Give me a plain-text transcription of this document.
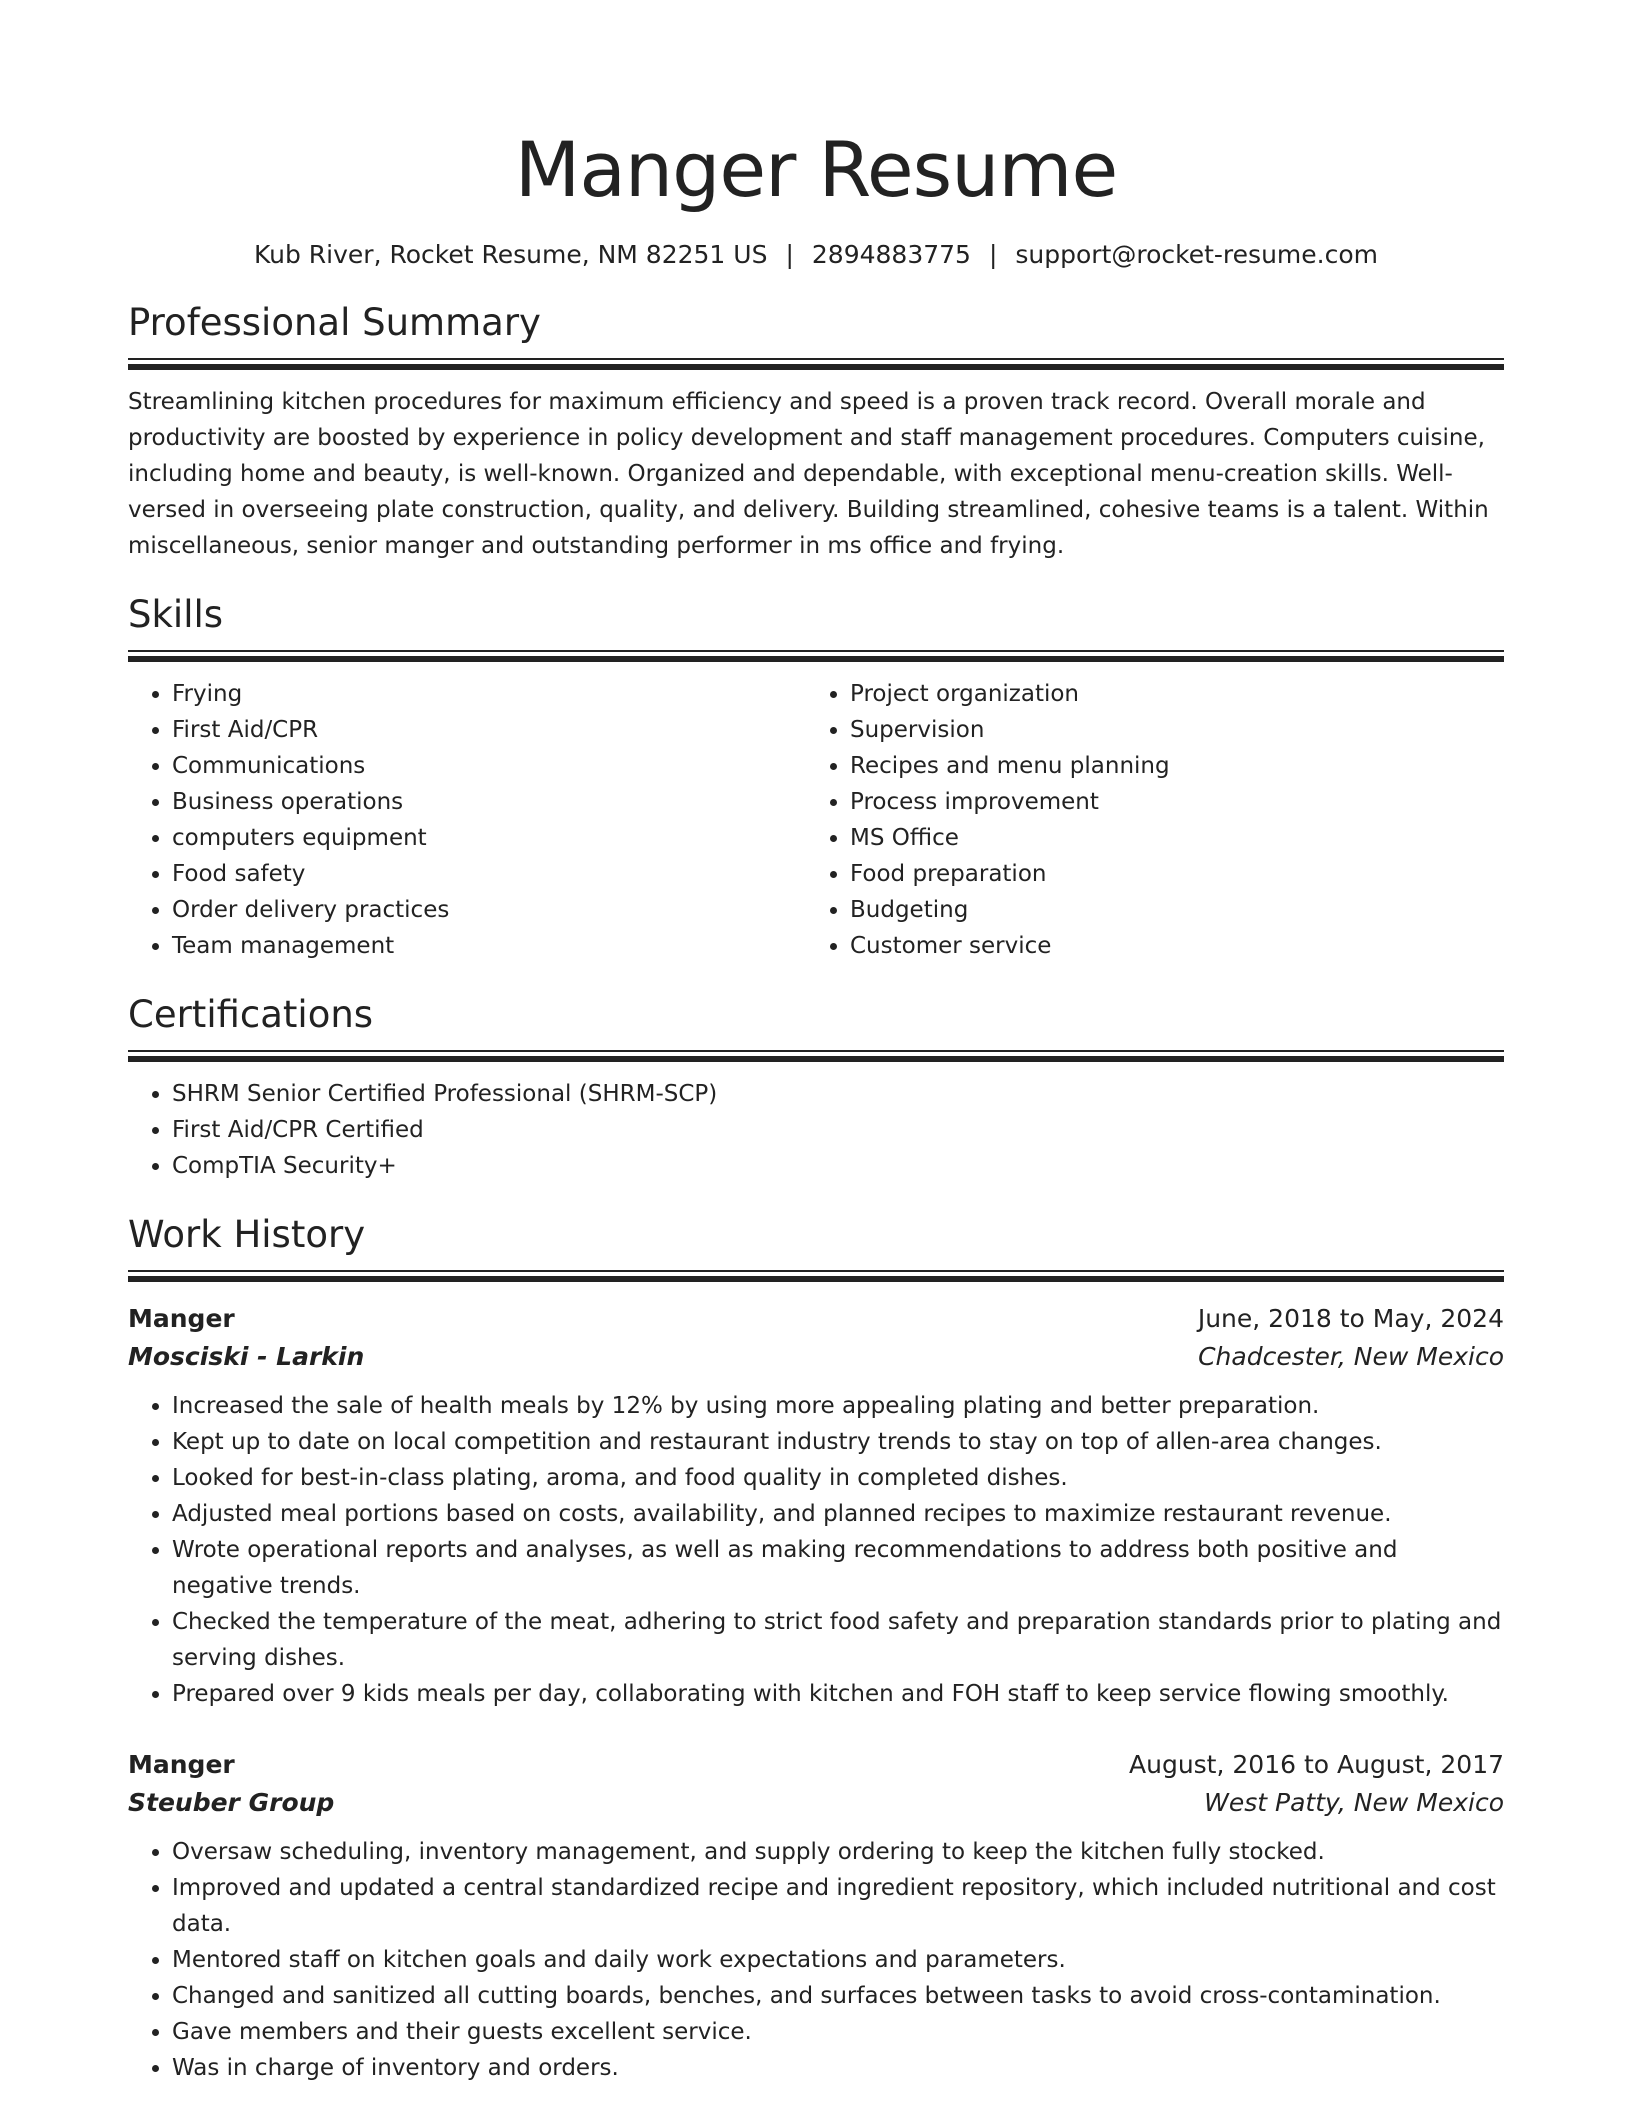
Manger Resume
Kub River, Rocket Resume, NM 82251 US | 2894883775 | support@rocket-resume.com
Professional Summary

Streamlining kitchen procedures for maximum efficiency and speed is a proven track record. Overall morale and productivity are boosted by experience in policy development and staff management procedures. Computers cuisine, including home and beauty, is well-known. Organized and dependable, with exceptional menu-creation skills. Well-versed in overseeing plate construction, quality, and delivery. Building streamlined, cohesive teams is a talent. Within miscellaneous, senior manger and outstanding performer in ms office and frying.

Skills
• Frying
• First Aid/CPR
• Communications
• Business operations
• computers equipment
• Food safety
• Order delivery practices
• Team management
• Project organization
• Supervision
• Recipes and menu planning
• Process improvement
• MS Office
• Food preparation
• Budgeting
• Customer service
Certifications
• SHRM Senior Certified Professional (SHRM-SCP)
• First Aid/CPR Certified
• CompTIA Security+
Work History
Manger	June, 2018 to May, 2024
Mosciski - Larkin	Chadcester, New Mexico
• Increased the sale of health meals by 12% by using more appealing plating and better preparation.
• Kept up to date on local competition and restaurant industry trends to stay on top of allen-area changes.
• Looked for best-in-class plating, aroma, and food quality in completed dishes.
• Adjusted meal portions based on costs, availability, and planned recipes to maximize restaurant revenue.
• Wrote operational reports and analyses, as well as making recommendations to address both positive and negative trends.
• Checked the temperature of the meat, adhering to strict food safety and preparation standards prior to plating and serving dishes.
• Prepared over 9 kids meals per day, collaborating with kitchen and FOH staff to keep service flowing smoothly.
Manger	August, 2016 to August, 2017
Steuber Group	West Patty, New Mexico
• Oversaw scheduling, inventory management, and supply ordering to keep the kitchen fully stocked.
• Improved and updated a central standardized recipe and ingredient repository, which included nutritional and cost data.
• Mentored staff on kitchen goals and daily work expectations and parameters.
• Changed and sanitized all cutting boards, benches, and surfaces between tasks to avoid cross-contamination.
• Gave members and their guests excellent service.
• Was in charge of inventory and orders.
